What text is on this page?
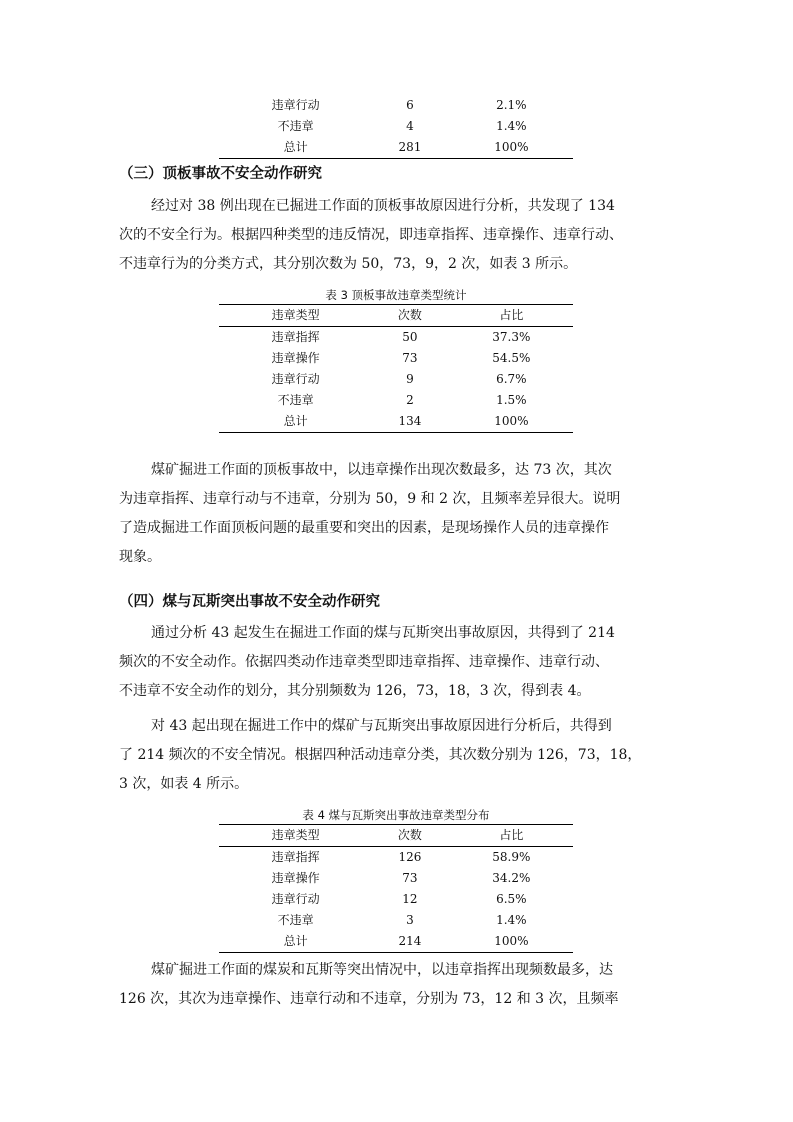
违章行动	6	2.1%
不违章	4	1.4%
总计	281	100%
（三）顶板事故不安全动作研究
经过对 38 例出现在已掘进工作面的顶板事故原因进行分析，共发现了 134
次的不安全行为。根据四种类型的违反情况，即违章指挥、违章操作、违章行动、
不违章行为的分类方式，其分别次数为 50，73，9，2 次，如表 3 所示。
表 3 顶板事故违章类型统计
违章类型	次数	占比
违章指挥	50	37.3%
违章操作	73	54.5%
违章行动	9	6.7%
不违章	2	1.5%
总计	134	100%
煤矿掘进工作面的顶板事故中，以违章操作出现次数最多，达 73 次，其次
为违章指挥、违章行动与不违章，分别为 50，9 和 2 次，且频率差异很大。说明
了造成掘进工作面顶板问题的最重要和突出的因素，是现场操作人员的违章操作
现象。
（四）煤与瓦斯突出事故不安全动作研究
通过分析 43 起发生在掘进工作面的煤与瓦斯突出事故原因，共得到了 214
频次的不安全动作。依据四类动作违章类型即违章指挥、违章操作、违章行动、
不违章不安全动作的划分，其分别频数为 126，73，18，3 次，得到表 4。
对 43 起出现在掘进工作中的煤矿与瓦斯突出事故原因进行分析后，共得到
了 214 频次的不安全情况。根据四种活动违章分类，其次数分别为 126，73，18，
3 次，如表 4 所示。
表 4 煤与瓦斯突出事故违章类型分布
违章类型	次数	占比
违章指挥	126	58.9%
违章操作	73	34.2%
违章行动	12	6.5%
不违章	3	1.4%
总计	214	100%
煤矿掘进工作面的煤炭和瓦斯等突出情况中，以违章指挥出现频数最多，达
126 次，其次为违章操作、违章行动和不违章，分别为 73，12 和 3 次，且频率
